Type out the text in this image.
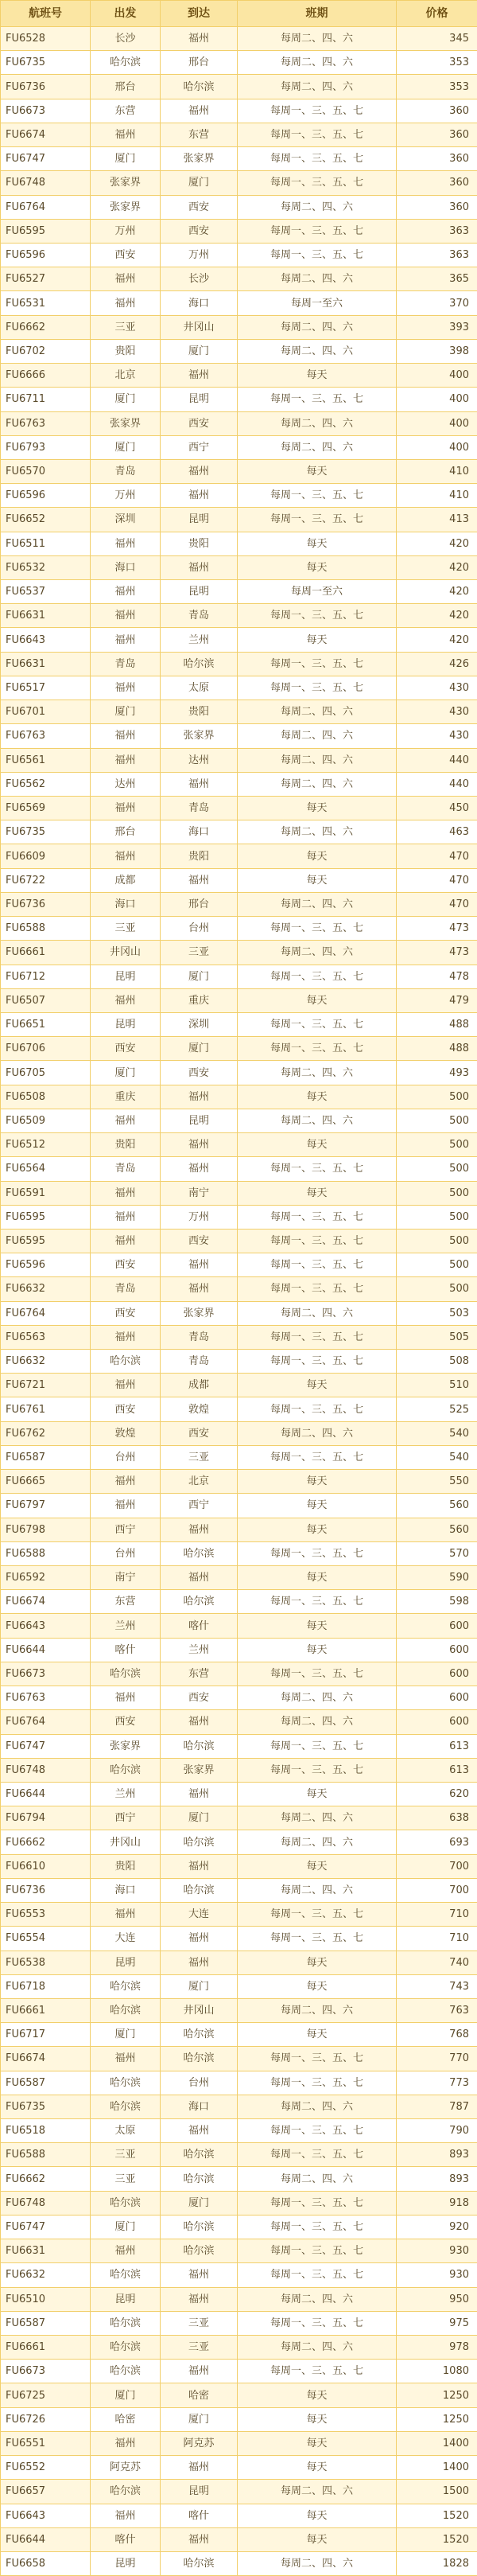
航班号	出发	到达	班期	价格
FU6528	长沙	福州	每周二、四、六	345
FU6735	哈尔滨	邢台	每周二、四、六	353
FU6736	邢台	哈尔滨	每周二、四、六	353
FU6673	东营	福州	每周一、三、五、七	360
FU6674	福州	东营	每周一、三、五、七	360
FU6747	厦门	张家界	每周一、三、五、七	360
FU6748	张家界	厦门	每周一、三、五、七	360
FU6764	张家界	西安	每周二、四、六	360
FU6595	万州	西安	每周一、三、五、七	363
FU6596	西安	万州	每周一、三、五、七	363
FU6527	福州	长沙	每周二、四、六	365
FU6531	福州	海口	每周一至六	370
FU6662	三亚	井冈山	每周二、四、六	393
FU6702	贵阳	厦门	每周二、四、六	398
FU6666	北京	福州	每天	400
FU6711	厦门	昆明	每周一、三、五、七	400
FU6763	张家界	西安	每周二、四、六	400
FU6793	厦门	西宁	每周二、四、六	400
FU6570	青岛	福州	每天	410
FU6596	万州	福州	每周一、三、五、七	410
FU6652	深圳	昆明	每周一、三、五、七	413
FU6511	福州	贵阳	每天	420
FU6532	海口	福州	每天	420
FU6537	福州	昆明	每周一至六	420
FU6631	福州	青岛	每周一、三、五、七	420
FU6643	福州	兰州	每天	420
FU6631	青岛	哈尔滨	每周一、三、五、七	426
FU6517	福州	太原	每周一、三、五、七	430
FU6701	厦门	贵阳	每周二、四、六	430
FU6763	福州	张家界	每周二、四、六	430
FU6561	福州	达州	每周二、四、六	440
FU6562	达州	福州	每周二、四、六	440
FU6569	福州	青岛	每天	450
FU6735	邢台	海口	每周二、四、六	463
FU6609	福州	贵阳	每天	470
FU6722	成都	福州	每天	470
FU6736	海口	邢台	每周二、四、六	470
FU6588	三亚	台州	每周一、三、五、七	473
FU6661	井冈山	三亚	每周二、四、六	473
FU6712	昆明	厦门	每周一、三、五、七	478
FU6507	福州	重庆	每天	479
FU6651	昆明	深圳	每周一、三、五、七	488
FU6706	西安	厦门	每周一、三、五、七	488
FU6705	厦门	西安	每周二、四、六	493
FU6508	重庆	福州	每天	500
FU6509	福州	昆明	每周二、四、六	500
FU6512	贵阳	福州	每天	500
FU6564	青岛	福州	每周一、三、五、七	500
FU6591	福州	南宁	每天	500
FU6595	福州	万州	每周一、三、五、七	500
FU6595	福州	西安	每周一、三、五、七	500
FU6596	西安	福州	每周一、三、五、七	500
FU6632	青岛	福州	每周一、三、五、七	500
FU6764	西安	张家界	每周二、四、六	503
FU6563	福州	青岛	每周一、三、五、七	505
FU6632	哈尔滨	青岛	每周一、三、五、七	508
FU6721	福州	成都	每天	510
FU6761	西安	敦煌	每周一、三、五、七	525
FU6762	敦煌	西安	每周二、四、六	540
FU6587	台州	三亚	每周一、三、五、七	540
FU6665	福州	北京	每天	550
FU6797	福州	西宁	每天	560
FU6798	西宁	福州	每天	560
FU6588	台州	哈尔滨	每周一、三、五、七	570
FU6592	南宁	福州	每天	590
FU6674	东营	哈尔滨	每周一、三、五、七	598
FU6643	兰州	喀什	每天	600
FU6644	喀什	兰州	每天	600
FU6673	哈尔滨	东营	每周一、三、五、七	600
FU6763	福州	西安	每周二、四、六	600
FU6764	西安	福州	每周二、四、六	600
FU6747	张家界	哈尔滨	每周一、三、五、七	613
FU6748	哈尔滨	张家界	每周一、三、五、七	613
FU6644	兰州	福州	每天	620
FU6794	西宁	厦门	每周二、四、六	638
FU6662	井冈山	哈尔滨	每周二、四、六	693
FU6610	贵阳	福州	每天	700
FU6736	海口	哈尔滨	每周二、四、六	700
FU6553	福州	大连	每周一、三、五、七	710
FU6554	大连	福州	每周一、三、五、七	710
FU6538	昆明	福州	每天	740
FU6718	哈尔滨	厦门	每天	743
FU6661	哈尔滨	井冈山	每周二、四、六	763
FU6717	厦门	哈尔滨	每天	768
FU6674	福州	哈尔滨	每周一、三、五、七	770
FU6587	哈尔滨	台州	每周一、三、五、七	773
FU6735	哈尔滨	海口	每周二、四、六	787
FU6518	太原	福州	每周一、三、五、七	790
FU6588	三亚	哈尔滨	每周一、三、五、七	893
FU6662	三亚	哈尔滨	每周二、四、六	893
FU6748	哈尔滨	厦门	每周一、三、五、七	918
FU6747	厦门	哈尔滨	每周一、三、五、七	920
FU6631	福州	哈尔滨	每周一、三、五、七	930
FU6632	哈尔滨	福州	每周一、三、五、七	930
FU6510	昆明	福州	每周二、四、六	950
FU6587	哈尔滨	三亚	每周一、三、五、七	975
FU6661	哈尔滨	三亚	每周二、四、六	978
FU6673	哈尔滨	福州	每周一、三、五、七	1080
FU6725	厦门	哈密	每天	1250
FU6726	哈密	厦门	每天	1250
FU6551	福州	阿克苏	每天	1400
FU6552	阿克苏	福州	每天	1400
FU6657	哈尔滨	昆明	每周二、四、六	1500
FU6643	福州	喀什	每天	1520
FU6644	喀什	福州	每天	1520
FU6658	昆明	哈尔滨	每周二、四、六	1828
